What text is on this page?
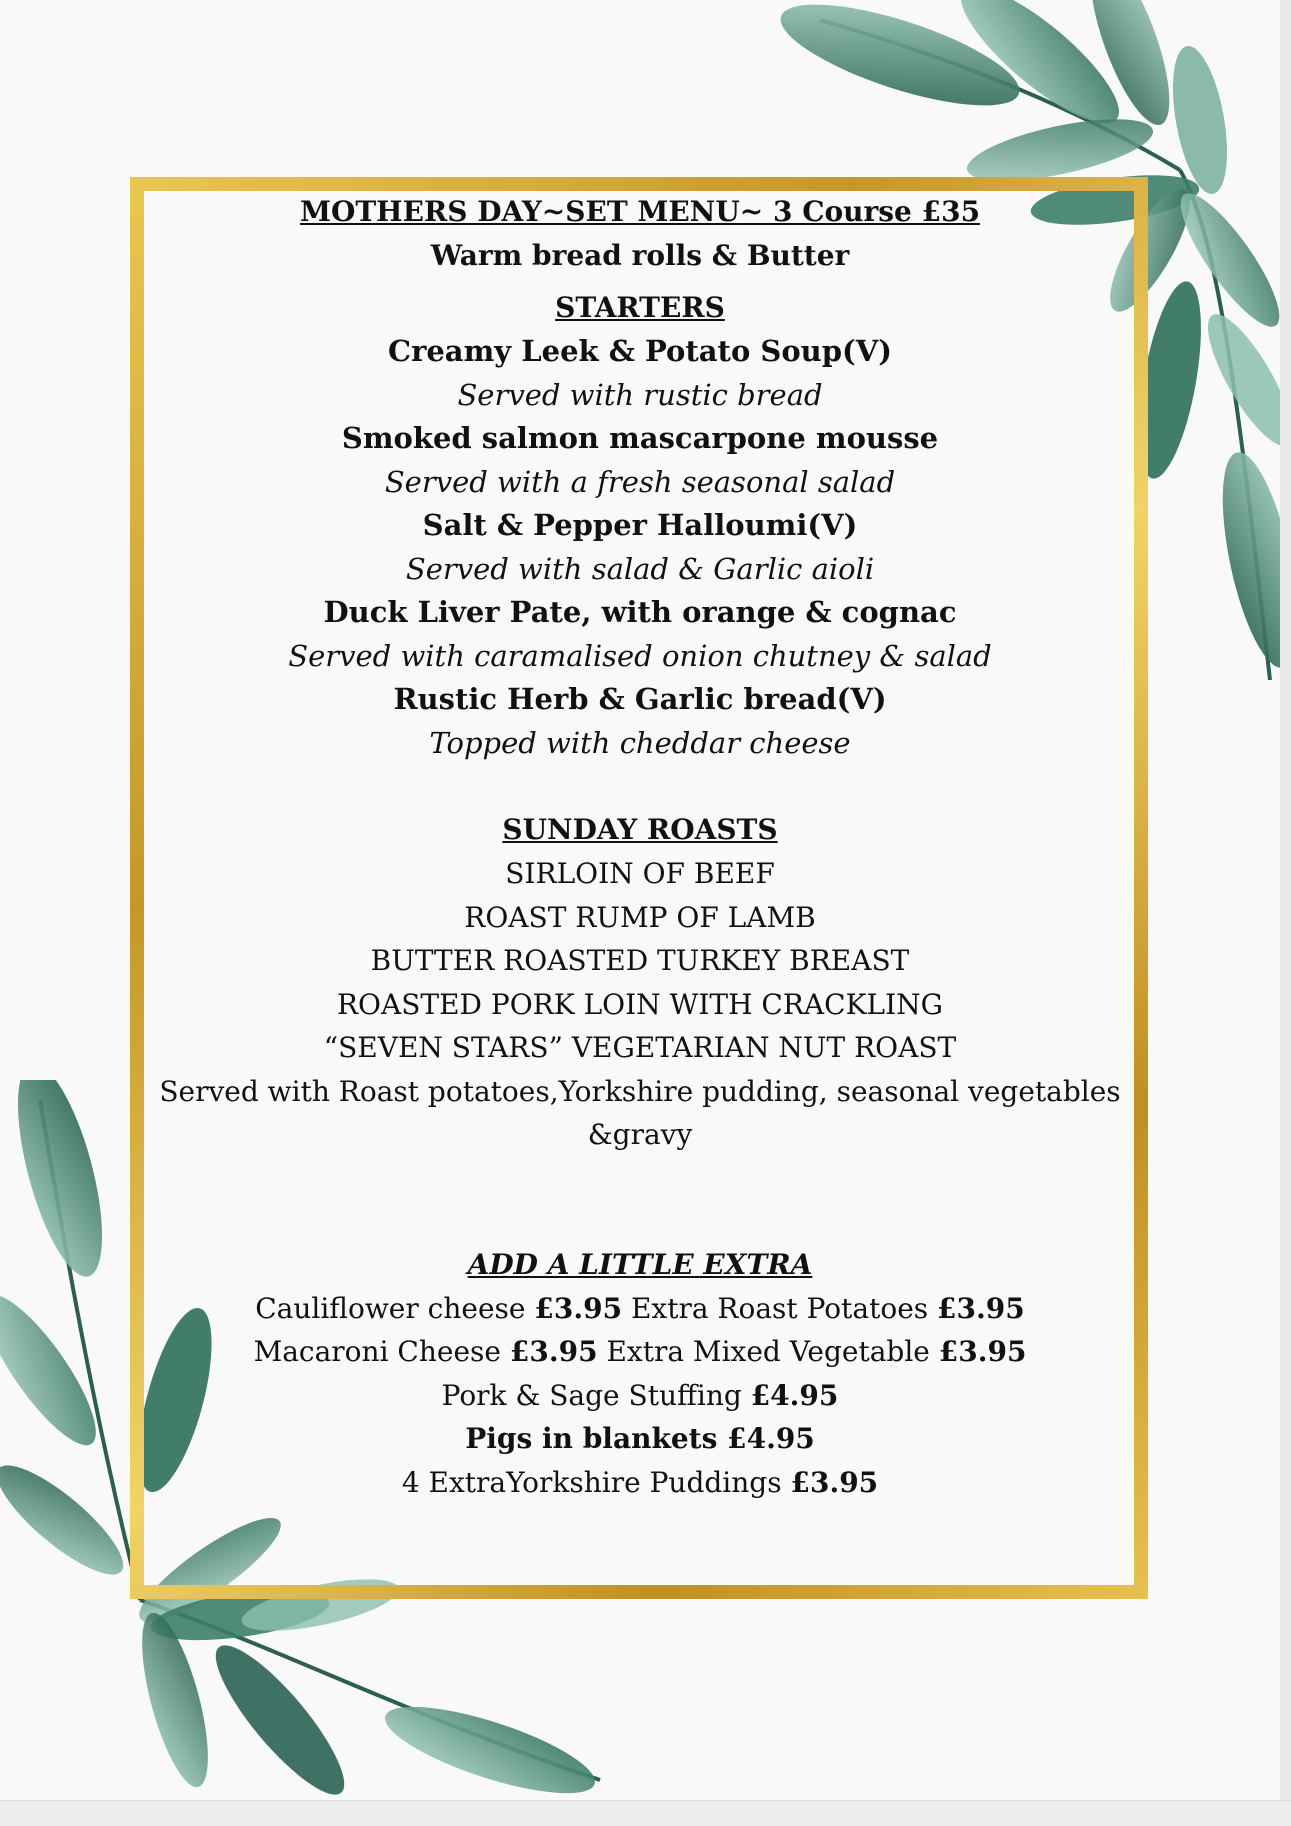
MOTHERS DAY~SET MENU~ 3 Course £35
Warm bread rolls & Butter
STARTERS
Creamy Leek & Potato Soup(V)
Served with rustic bread
Smoked salmon mascarpone mousse
Served with a fresh seasonal salad
Salt & Pepper Halloumi(V)
Served with salad & Garlic aioli
Duck Liver Pate, with orange & cognac
Served with caramalised onion chutney & salad
Rustic Herb & Garlic bread(V)
Topped with cheddar cheese
SUNDAY ROASTS
SIRLOIN OF BEEF
ROAST RUMP OF LAMB
BUTTER ROASTED TURKEY BREAST
ROASTED PORK LOIN WITH CRACKLING
“SEVEN STARS” VEGETARIAN NUT ROAST
Served with Roast potatoes,Yorkshire pudding, seasonal vegetables
&gravy
ADD A LITTLE EXTRA
Cauliflower cheese £3.95 Extra Roast Potatoes £3.95
Macaroni Cheese £3.95 Extra Mixed Vegetable £3.95
Pork & Sage Stuffing £4.95
Pigs in blankets £4.95
4 ExtraYorkshire Puddings £3.95
